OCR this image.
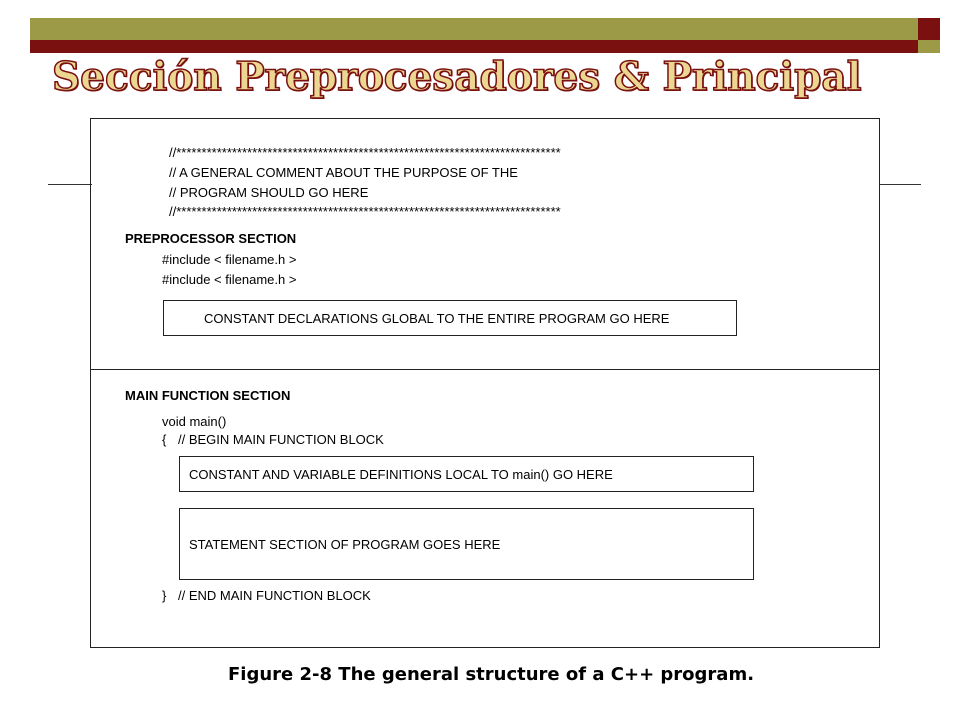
Sección Preprocesadores & Principal
//****************************************************************************
// A GENERAL COMMENT ABOUT THE PURPOSE OF THE
// PROGRAM SHOULD GO HERE
//****************************************************************************
PREPROCESSOR SECTION
#include < filename.h >
#include < filename.h >
CONSTANT DECLARATIONS GLOBAL TO THE ENTIRE PROGRAM GO HERE
MAIN FUNCTION SECTION
void main()
{ // BEGIN MAIN FUNCTION BLOCK
CONSTANT AND VARIABLE DEFINITIONS LOCAL TO main() GO HERE
STATEMENT SECTION OF PROGRAM GOES HERE
} // END MAIN FUNCTION BLOCK
Figure 2-8 The general structure of a C++ program.
